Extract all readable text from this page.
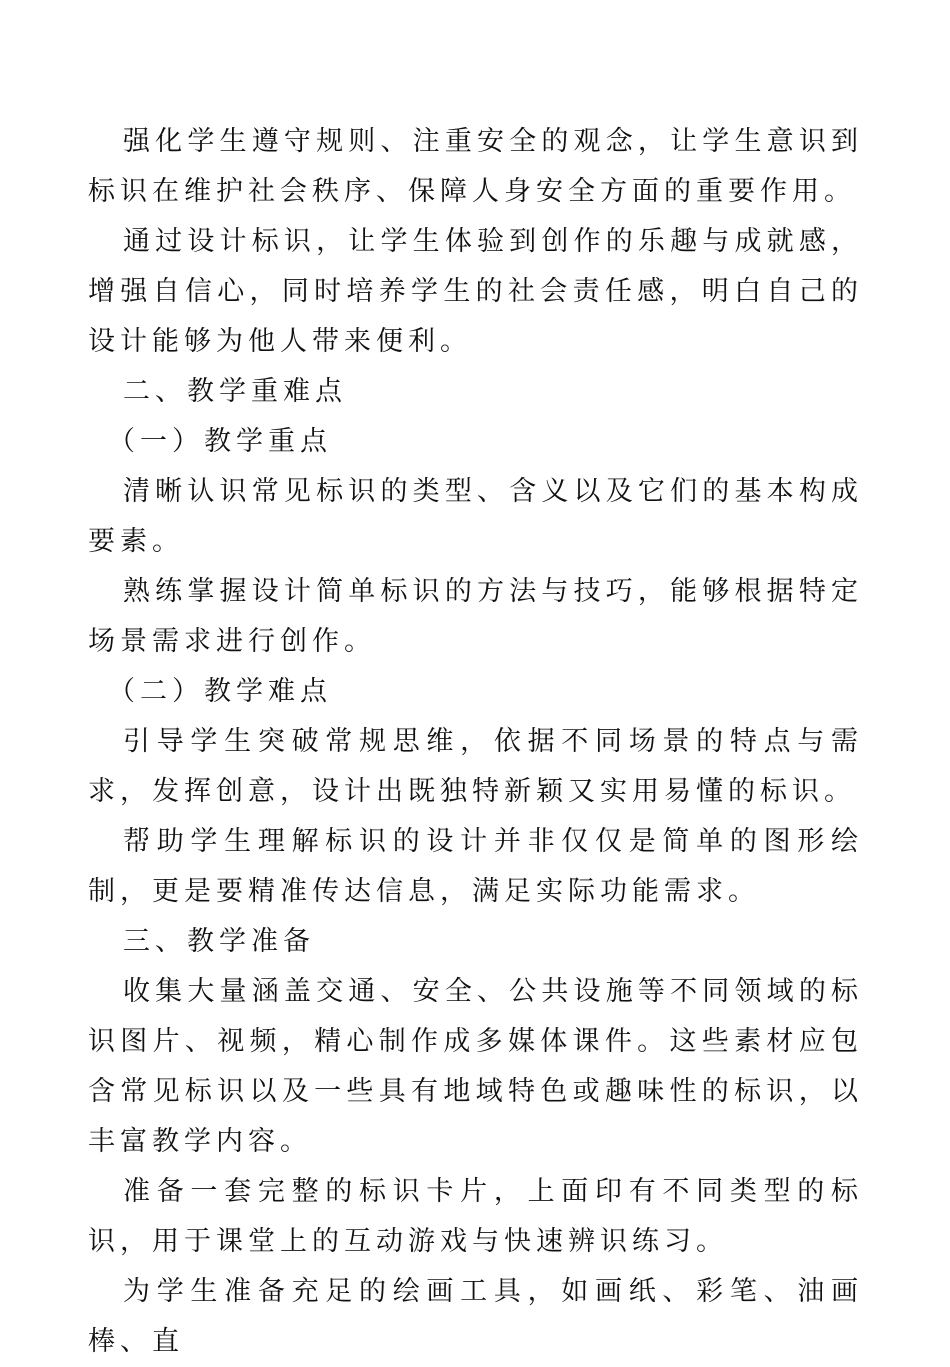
强化学生遵守规则、注重安全的观念，让学生意识到标识在维护社会秩序、保障人身安全方面的重要作用。

通过设计标识，让学生体验到创作的乐趣与成就感，增强自信心，同时培养学生的社会责任感，明白自己的设计能够为他人带来便利。

二、教学重难点

（一）教学重点

清晰认识常见标识的类型、含义以及它们的基本构成要素。

熟练掌握设计简单标识的方法与技巧，能够根据特定场景需求进行创作。

（二）教学难点

引导学生突破常规思维，依据不同场景的特点与需求，发挥创意，设计出既独特新颖又实用易懂的标识。

帮助学生理解标识的设计并非仅仅是简单的图形绘制，更是要精准传达信息，满足实际功能需求。

三、教学准备

收集大量涵盖交通、安全、公共设施等不同领域的标识图片、视频，精心制作成多媒体课件。这些素材应包含常见标识以及一些具有地域特色或趣味性的标识，以丰富教学内容。

准备一套完整的标识卡片，上面印有不同类型的标识，用于课堂上的互动游戏与快速辨识练习。

为学生准备充足的绘画工具，如画纸、彩笔、油画棒、直
